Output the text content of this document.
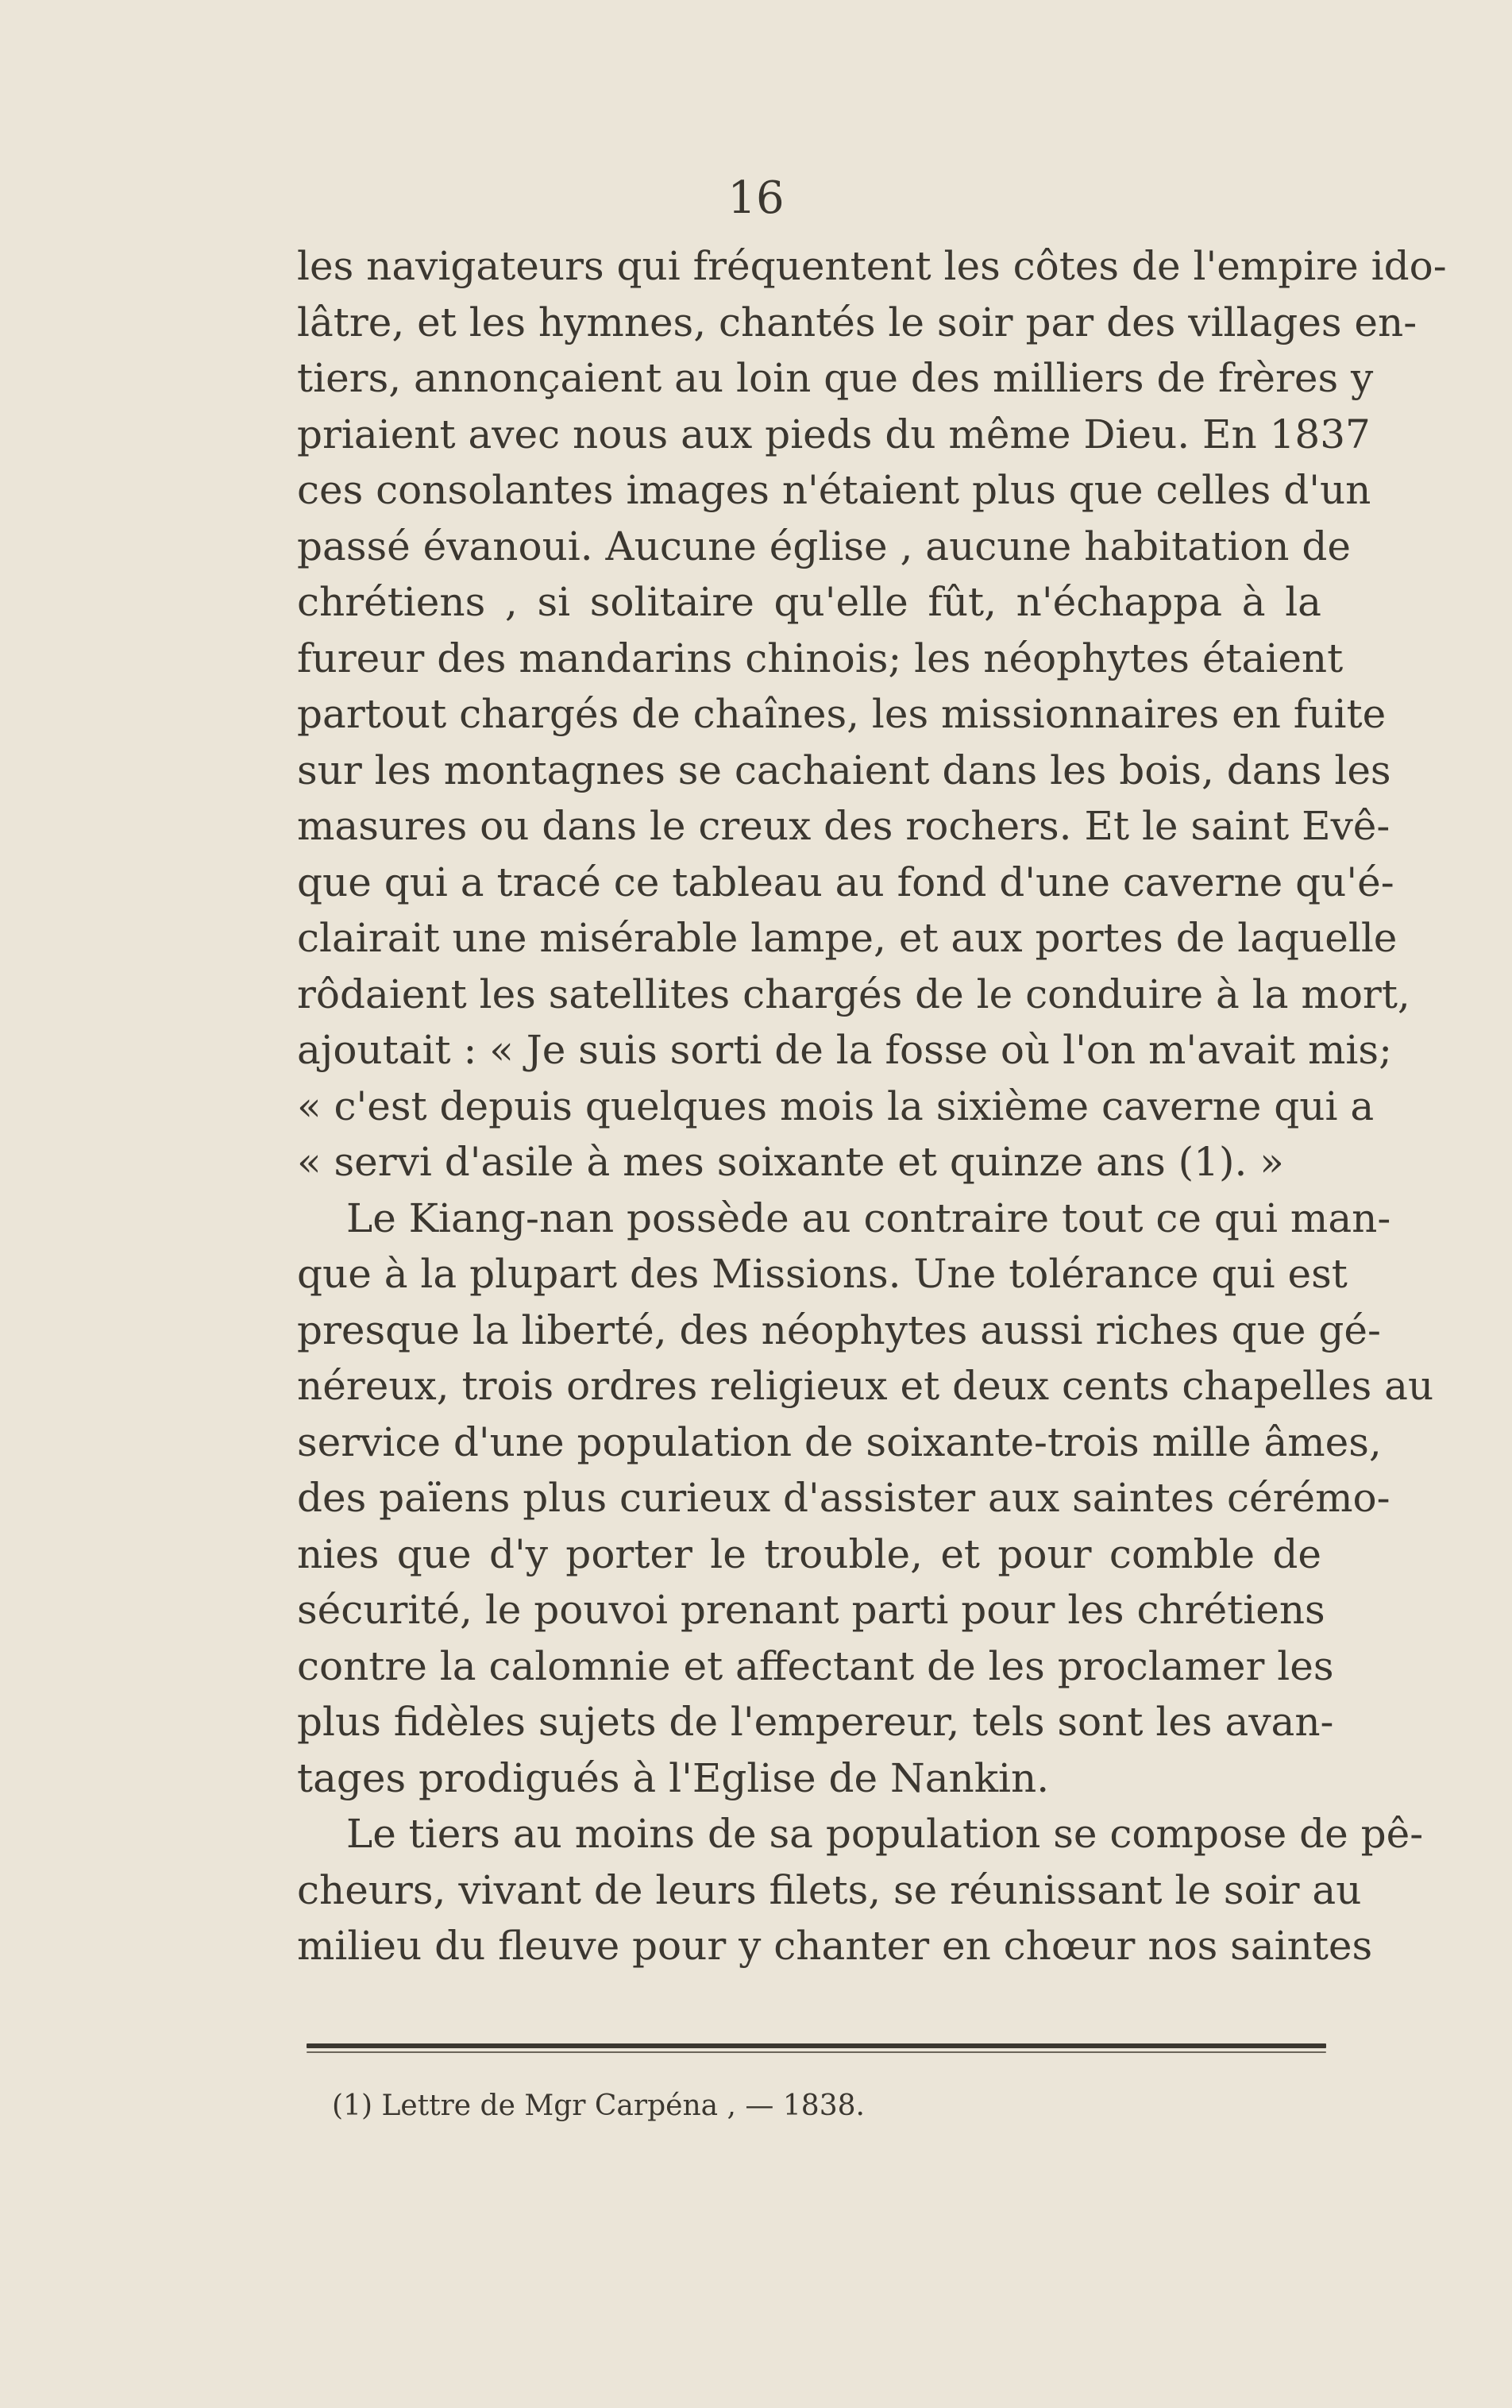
16
les navigateurs qui fréquentent les côtes de l'empire ido-
lâtre, et les hymnes, chantés le soir par des villages en-
tiers, annonçaient au loin que des milliers de frères y
priaient avec nous aux pieds du même Dieu. En 1837
ces consolantes images n'étaient plus que celles d'un
passé évanoui. Aucune église , aucune habitation de
chrétiens , si solitaire qu'elle fût, n'échappa à la
fureur des mandarins chinois; les néophytes étaient
partout chargés de chaînes, les missionnaires en fuite
sur les montagnes se cachaient dans les bois, dans les
masures ou dans le creux des rochers. Et le saint Evê-
que qui a tracé ce tableau au fond d'une caverne qu'é-
clairait une misérable lampe, et aux portes de laquelle
rôdaient les satellites chargés de le conduire à la mort,
ajoutait : « Je suis sorti de la fosse où l'on m'avait mis;
« c'est depuis quelques mois la sixième caverne qui a
« servi d'asile à mes soixante et quinze ans (1). »
Le Kiang-nan possède au contraire tout ce qui man-
que à la plupart des Missions. Une tolérance qui est
presque la liberté, des néophytes aussi riches que gé-
néreux, trois ordres religieux et deux cents chapelles au
service d'une population de soixante-trois mille âmes,
des païens plus curieux d'assister aux saintes cérémo-
nies que d'y porter le trouble, et pour comble de
sécurité, le pouvoi prenant parti pour les chrétiens
contre la calomnie et affectant de les proclamer les
plus fidèles sujets de l'empereur, tels sont les avan-
tages prodigués à l'Eglise de Nankin.
Le tiers au moins de sa population se compose de pê-
cheurs, vivant de leurs filets, se réunissant le soir au
milieu du fleuve pour y chanter en chœur nos saintes
(1) Lettre de Mgr Carpéna , — 1838.
